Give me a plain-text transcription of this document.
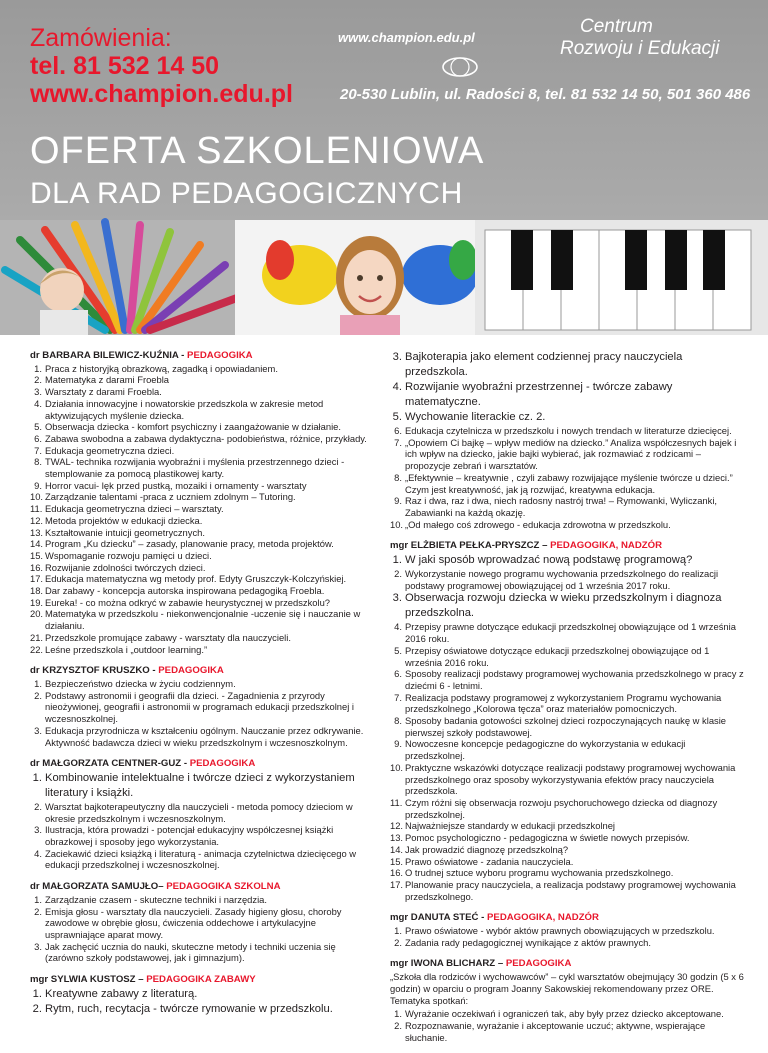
Zamówienia:
tel. 81 532 14 50
www.champion.edu.pl
www.champion.edu.pl
Centrum
Rozwoju i Edukacji
20-530 Lublin, ul. Radości 8, tel. 81 532 14 50, 501 360 486
OFERTA SZKOLENIOWA
DLA RAD PEDAGOGICZNYCH
dr BARBARA BILEWICZ-KUŹNIA - PEDAGOGIKA
1. Praca z historyjką obrazkową, zagadką i opowiadaniem.
2. Matematyka z darami Froebla
3. Warsztaty z darami Froebla.
4. Działania innowacyjne i nowatorskie przedszkola w zakresie metod aktywizujących myślenie dziecka.
5. Obserwacja dziecka - komfort psychiczny i zaangażowanie w działanie.
6. Zabawa swobodna a zabawa dydaktyczna- podobieństwa, różnice, przykłady.
7. Edukacja geometryczna dzieci.
8. TWAL- technika rozwijania wyobraźni i myślenia przestrzennego dzieci - stemplowanie za pomocą plastikowej karty.
9. Horror vacui- lęk przed pustką, mozaiki i ornamenty - warsztaty
10. Zarządzanie talentami -praca z uczniem zdolnym – Tutoring.
11. Edukacja geometryczna dzieci – warsztaty.
12. Metoda projektów w edukacji dziecka.
13. Kształtowanie intuicji geometrycznych.
14. Program „Ku dziecku” – zasady, planowanie pracy, metoda projektów.
15. Wspomaganie rozwoju pamięci u dzieci.
16. Rozwijanie zdolności twórczych dzieci.
17. Edukacja matematyczna wg metody prof. Edyty Gruszczyk-Kolczyńskiej.
18. Dar zabawy - koncepcja autorska inspirowana pedagogiką Froebla.
19. Eureka! - co można odkryć w zabawie heurystycznej w przedszkolu?
20. Matematyka w przedszkolu - niekonwencjonalnie -uczenie się i nauczanie w działaniu.
21. Przedszkole promujące zabawy - warsztaty dla nauczycieli.
22. Leśne przedszkola i „outdoor learning.”
dr KRZYSZTOF KRUSZKO - PEDAGOGIKA
1. Bezpieczeństwo dziecka w życiu codziennym.
2. Podstawy astronomii i geografii dla dzieci. - Zagadnienia z przyrody nieożywionej, geografii i astronomii w programach edukacji przedszkolnej i wczesnoszkolnej.
3. Edukacja przyrodnicza w kształceniu ogólnym. Nauczanie przez odkrywanie. Aktywność badawcza dzieci w wieku przedszkolnym i wczesnoszkolnym.
dr MAŁGORZATA CENTNER-GUZ - PEDAGOGIKA
1. Kombinowanie intelektualne i twórcze dzieci z wykorzystaniem literatury i książki.
2. Warsztat bajkoterapeutyczny dla nauczycieli - metoda pomocy dzieciom w okresie przedszkolnym i wczesnoszkolnym.
3. Ilustracja, która prowadzi - potencjał edukacyjny współczesnej książki obrazkowej i sposoby jego wykorzystania.
4. Zaciekawić dzieci książką i literaturą - animacja czytelnictwa dziecięcego w edukacji przedszkolnej i wczesnoszkolnej.
dr MAŁGORZATA SAMUJŁO– PEDAGOGIKA SZKOLNA
1. Zarządzanie czasem - skuteczne techniki i narzędzia.
2. Emisja głosu - warsztaty dla nauczycieli. Zasady higieny głosu, choroby zawodowe w obrębie głosu, ćwiczenia oddechowe i artykulacyjne usprawniające aparat mowy.
3. Jak zachęcić ucznia do nauki, skuteczne metody i techniki uczenia się (zarówno szkoły podstawowej, jak i gimnazjum).
mgr SYLWIA KUSTOSZ – PEDAGOGIKA ZABAWY
1. Kreatywne zabawy z literaturą.
2. Rytm, ruch, recytacja - twórcze rymowanie w przedszkolu.
3. Bajkoterapia jako element codziennej pracy nauczyciela przedszkola.
4. Rozwijanie wyobraźni przestrzennej - twórcze zabawy matematyczne.
5. Wychowanie literackie cz. 2.
6. Edukacja czytelnicza w przedszkolu i nowych trendach w literaturze dziecięcej.
7. „Opowiem Ci bajkę – wpływ mediów na dziecko.” Analiza współczesnych bajek i ich wpływ na dziecko, jakie bajki wybierać, jak rozmawiać z rodzicami – propozycje zebrań i warsztatów.
8. „Efektywnie – kreatywnie , czyli zabawy rozwijające myślenie twórcze u dzieci.” Czym jest kreatywność, jak ją rozwijać, kreatywna edukacja.
9. Raz i dwa, raz i dwa, niech radosny nastrój trwa! – Rymowanki, Wyliczanki, Zabawianki na każdą okazję.
10. „Od małego coś zdrowego - edukacja zdrowotna w przedszkolu.
mgr ELŻBIETA PEŁKA-PRYSZCZ – PEDAGOGIKA, NADZÓR
1. W jaki sposób wprowadzać nową podstawę programową?
2. Wykorzystanie nowego programu wychowania przedszkolnego do realizacji podstawy programowej obowiązującej od 1 września 2017 roku.
3. Obserwacja rozwoju dziecka w wieku przedszkolnym i diagnoza przedszkolna.
4. Przepisy prawne dotyczące edukacji przedszkolnej obowiązujące od 1 września 2016 roku.
5. Przepisy oświatowe dotyczące edukacji przedszkolnej obowiązujące od 1 września 2016 roku.
6. Sposoby realizacji podstawy programowej wychowania przedszkolnego w pracy z dziećmi 6 - letnimi.
7. Realizacja podstawy programowej z wykorzystaniem Programu wychowania przedszkolnego „Kolorowa tęcza” oraz materiałów pomocniczych.
8. Sposoby badania gotowości szkolnej dzieci rozpoczynających naukę w klasie pierwszej szkoły podstawowej.
9. Nowoczesne koncepcje pedagogiczne do wykorzystania w edukacji przedszkolnej.
10. Praktyczne wskazówki dotyczące realizacji podstawy programowej wychowania przedszkolnego oraz sposoby wykorzystywania efektów pracy nauczyciela przedszkola.
11. Czym różni się obserwacja rozwoju psychoruchowego dziecka od diagnozy przedszkolnej.
12. Najważniejsze standardy w edukacji przedszkolnej
13. Pomoc psychologiczno - pedagogiczna w świetle nowych przepisów.
14. Jak prowadzić diagnozę przedszkolną?
15. Prawo oświatowe - zadania nauczyciela.
16. O trudnej sztuce wyboru programu wychowania przedszkolnego.
17. Planowanie pracy nauczyciela, a realizacja podstawy programowej wychowania przedszkolnego.
mgr DANUTA STEĆ - PEDAGOGIKA, NADZÓR
1. Prawo oświatowe - wybór aktów prawnych obowiązujących w przedszkolu.
2. Zadania rady pedagogicznej wynikające z aktów prawnych.
mgr IWONA BLICHARZ – PEDAGOGIKA
„Szkoła dla rodziców i wychowawców” – cykl warsztatów obejmujący 30 godzin (5 x 6 godzin) w oparciu o program Joanny Sakowskiej rekomendowany przez ORE. Tematyka spotkań:
1. Wyrażanie oczekiwań i ograniczeń tak, aby były przez dziecko akceptowane.
2. Rozpoznawanie, wyrażanie i akceptowanie uczuć; aktywne, wspierające słuchanie.
